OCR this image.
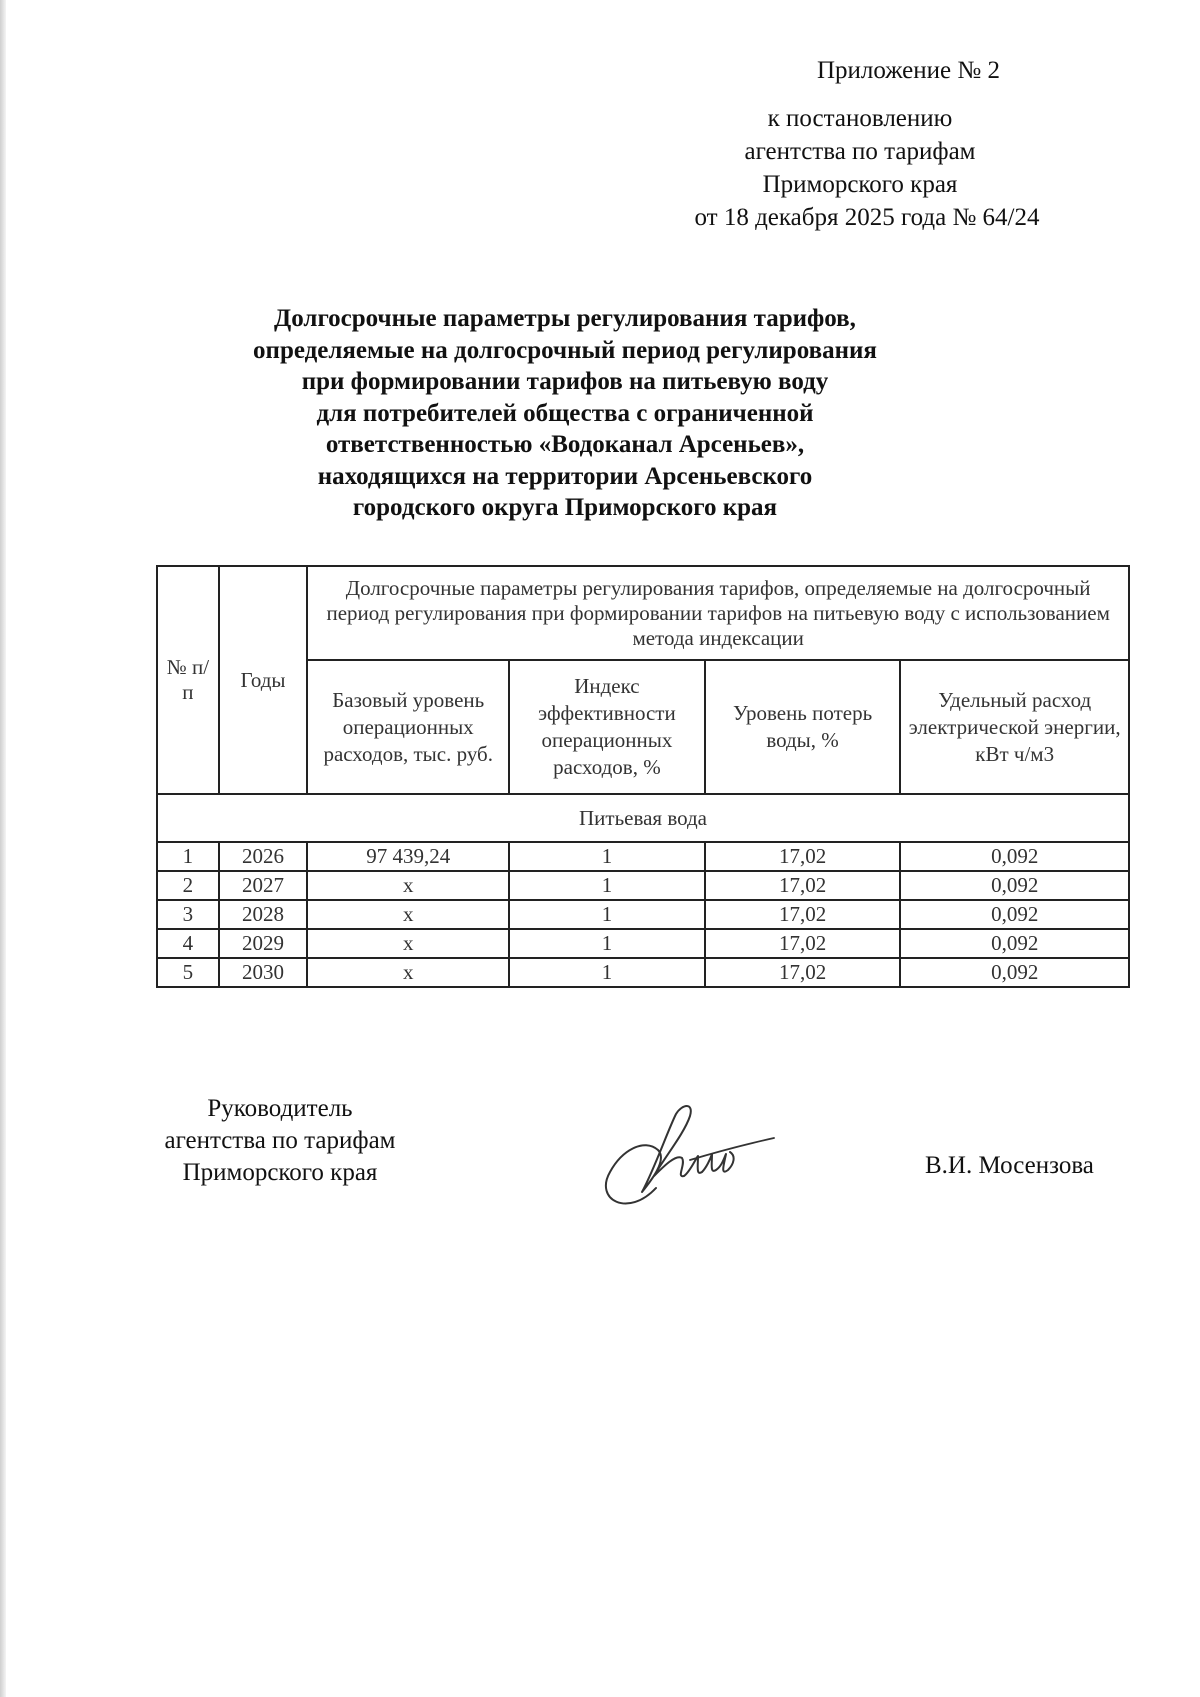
Приложение № 2
к постановлению
агентства по тарифам
Приморского края
от 18 декабря 2025 года № 64/24
Долгосрочные параметры регулирования тарифов,
определяемые на долгосрочный период регулирования
при формировании тарифов на питьевую воду
для потребителей общества с ограниченной
ответственностью «Водоканал Арсеньев»,
находящихся на территории Арсеньевского
городского округа Приморского края
№ п/п	Годы	Долгосрочные параметры регулирования тарифов, определяемые на долгосрочный период регулирования при формировании тарифов на питьевую воду с использованием метода индексации			
		Базовый уровень операционных расходов, тыс. руб.	Индекс эффективности операционных расходов, %	Уровень потерь воды, %	Удельный расход электрической энергии, кВт ч/м3
Питьевая вода					
1	2026	97 439,24	1	17,02	0,092
2	2027	x	1	17,02	0,092
3	2028	x	1	17,02	0,092
4	2029	x	1	17,02	0,092
5	2030	x	1	17,02	0,092
Руководитель
агентства по тарифам
Приморского края	В.И. Мосензова
